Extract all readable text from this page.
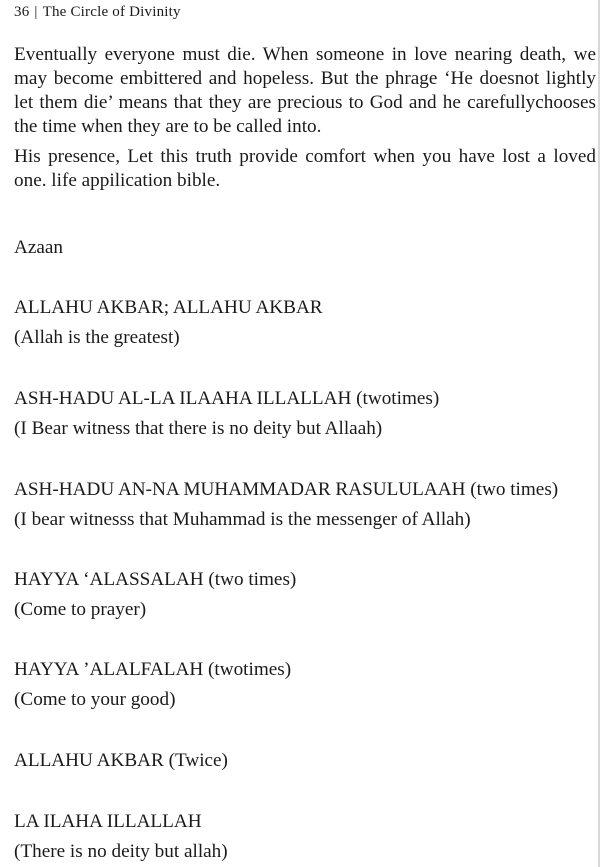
36 | The Circle of Divinity

Eventually everyone must die. When someone in love nearing death, we may become embittered and hopeless. But the phrage ‘He doesnot lightly let them die’ means that they are precious to God and he carefullychooses the time when they are to be called into.

His presence, Let this truth provide comfort when you have lost a loved one. life appilication bible.

Azaan

ALLAHU AKBAR; ALLAHU AKBAR
(Allah is the greatest)
ASH-HADU AL-LA ILAAHA ILLALLAH (twotimes)
(I Bear witness that there is no deity but Allaah)
ASH-HADU AN-NA MUHAMMADAR RASULULAAH (two times)
(I bear witnesss that Muhammad is the messenger of Allah)
HAYYA ‘ALASSALAH (two times)
(Come to prayer)
HAYYA ’ALALFALAH (twotimes)
(Come to your good)
ALLAHU AKBAR (Twice)
LA ILAHA ILLALLAH
(There is no deity but allah)
